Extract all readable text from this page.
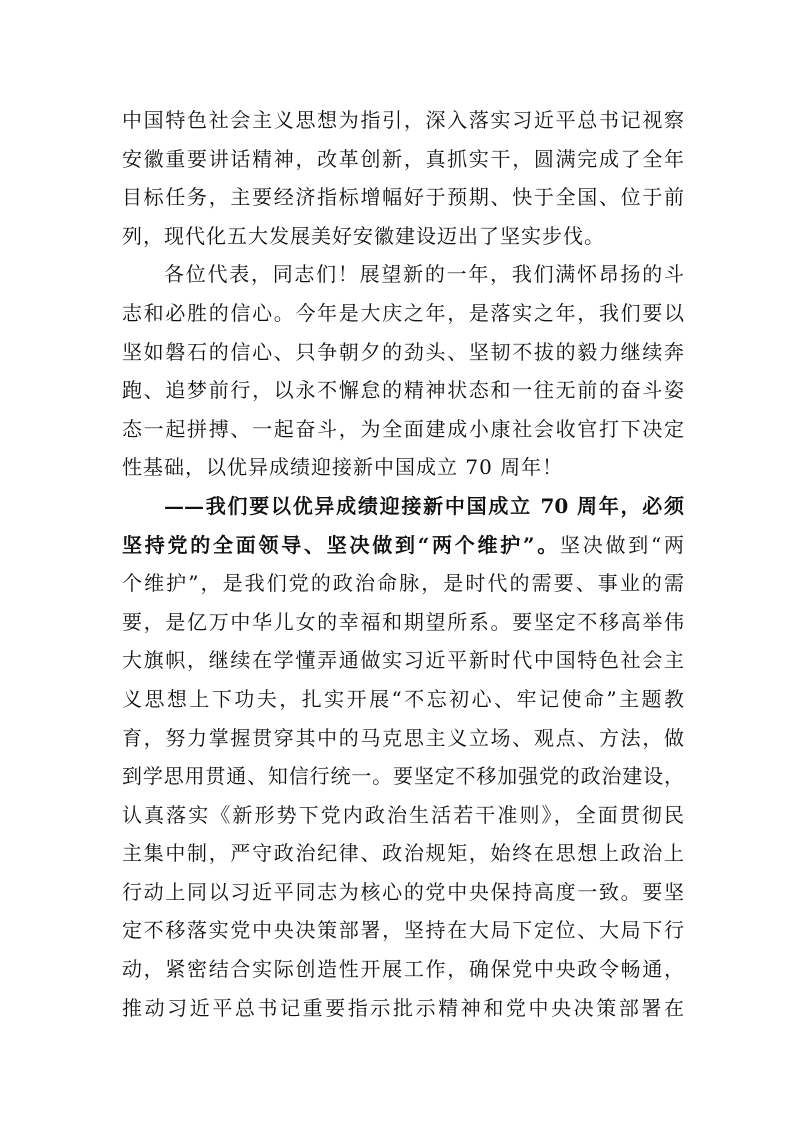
中国特色社会主义思想为指引，深入落实习近平总书记视察
安徽重要讲话精神，改革创新，真抓实干，圆满完成了全年
目标任务，主要经济指标增幅好于预期、快于全国、位于前
列，现代化五大发展美好安徽建设迈出了坚实步伐。
各位代表，同志们！展望新的一年，我们满怀昂扬的斗
志和必胜的信心。今年是大庆之年，是落实之年，我们要以
坚如磐石的信心、只争朝夕的劲头、坚韧不拔的毅力继续奔
跑、追梦前行，以永不懈怠的精神状态和一往无前的奋斗姿
态一起拼搏、一起奋斗，为全面建成小康社会收官打下决定
性基础，以优异成绩迎接新中国成立 70 周年！
——我们要以优异成绩迎接新中国成立 70 周年，必须
坚持党的全面领导、坚决做到“两个维护”。坚决做到“两
个维护”，是我们党的政治命脉，是时代的需要、事业的需
要，是亿万中华儿女的幸福和期望所系。要坚定不移高举伟
大旗帜，继续在学懂弄通做实习近平新时代中国特色社会主
义思想上下功夫，扎实开展“不忘初心、牢记使命”主题教
育，努力掌握贯穿其中的马克思主义立场、观点、方法，做
到学思用贯通、知信行统一。要坚定不移加强党的政治建设，
认真落实《新形势下党内政治生活若干准则》，全面贯彻民
主集中制，严守政治纪律、政治规矩，始终在思想上政治上
行动上同以习近平同志为核心的党中央保持高度一致。要坚
定不移落实党中央决策部署，坚持在大局下定位、大局下行
动，紧密结合实际创造性开展工作，确保党中央政令畅通，
推动习近平总书记重要指示批示精神和党中央决策部署在
